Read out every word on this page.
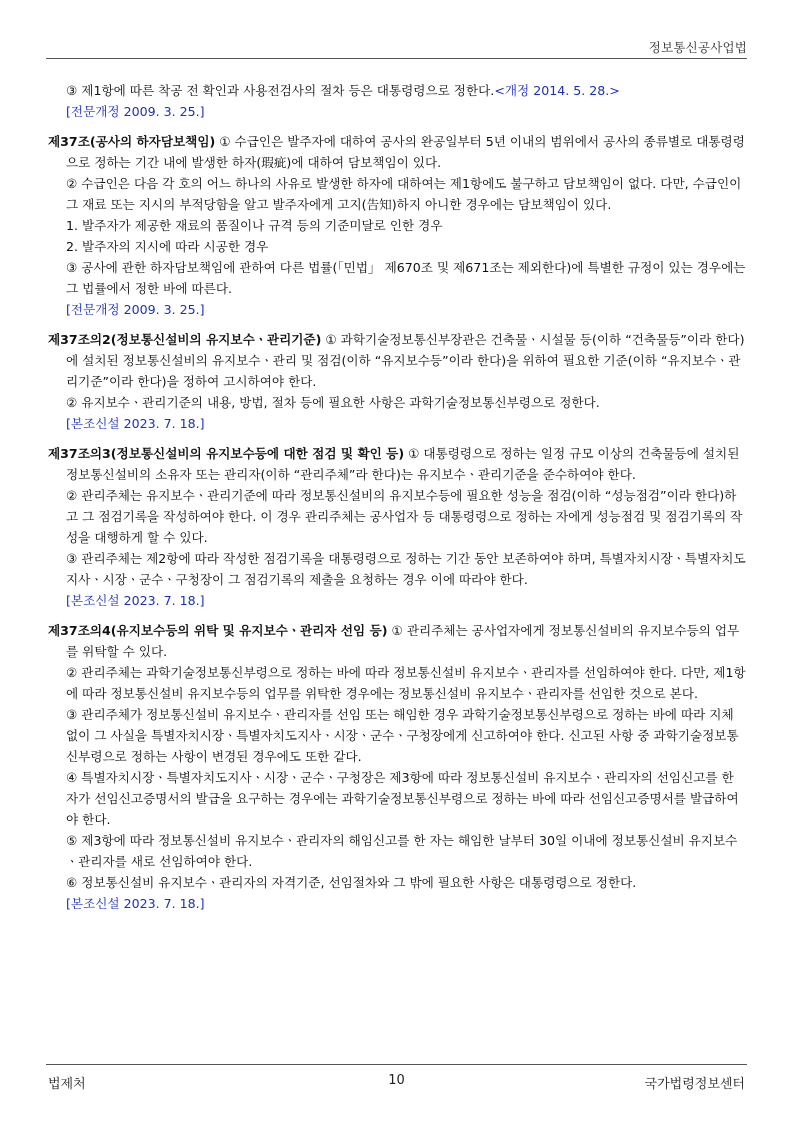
정보통신공사업법

③ 제1항에 따른 착공 전 확인과 사용전검사의 절차 등은 대통령령으로 정한다.<개정 2014. 5. 28.>

[전문개정 2009. 3. 25.]

제37조(공사의 하자담보책임) ① 수급인은 발주자에 대하여 공사의 완공일부터 5년 이내의 범위에서 공사의 종류별로 대통령령으로 정하는 기간 내에 발생한 하자(瑕疵)에 대하여 담보책임이 있다.

② 수급인은 다음 각 호의 어느 하나의 사유로 발생한 하자에 대하여는 제1항에도 불구하고 담보책임이 없다. 다만, 수급인이 그 재료 또는 지시의 부적당함을 알고 발주자에게 고지(告知)하지 아니한 경우에는 담보책임이 있다.

1. 발주자가 제공한 재료의 품질이나 규격 등의 기준미달로 인한 경우

2. 발주자의 지시에 따라 시공한 경우

③ 공사에 관한 하자담보책임에 관하여 다른 법률(「민법」 제670조 및 제671조는 제외한다)에 특별한 규정이 있는 경우에는 그 법률에서 정한 바에 따른다.

[전문개정 2009. 3. 25.]

제37조의2(정보통신설비의 유지보수ㆍ관리기준) ① 과학기술정보통신부장관은 건축물ㆍ시설물 등(이하 “건축물등”이라 한다)에 설치된 정보통신설비의 유지보수ㆍ관리 및 점검(이하 “유지보수등”이라 한다)을 위하여 필요한 기준(이하 “유지보수ㆍ관리기준”이라 한다)을 정하여 고시하여야 한다.

② 유지보수ㆍ관리기준의 내용, 방법, 절차 등에 필요한 사항은 과학기술정보통신부령으로 정한다.

[본조신설 2023. 7. 18.]

제37조의3(정보통신설비의 유지보수등에 대한 점검 및 확인 등) ① 대통령령으로 정하는 일정 규모 이상의 건축물등에 설치된 정보통신설비의 소유자 또는 관리자(이하 “관리주체”라 한다)는 유지보수ㆍ관리기준을 준수하여야 한다.

② 관리주체는 유지보수ㆍ관리기준에 따라 정보통신설비의 유지보수등에 필요한 성능을 점검(이하 “성능점검”이라 한다)하고 그 점검기록을 작성하여야 한다. 이 경우 관리주체는 공사업자 등 대통령령으로 정하는 자에게 성능점검 및 점검기록의 작성을 대행하게 할 수 있다.

③ 관리주체는 제2항에 따라 작성한 점검기록을 대통령령으로 정하는 기간 동안 보존하여야 하며, 특별자치시장ㆍ특별자치도지사ㆍ시장ㆍ군수ㆍ구청장이 그 점검기록의 제출을 요청하는 경우 이에 따라야 한다.

[본조신설 2023. 7. 18.]

제37조의4(유지보수등의 위탁 및 유지보수ㆍ관리자 선임 등) ① 관리주체는 공사업자에게 정보통신설비의 유지보수등의 업무를 위탁할 수 있다.

② 관리주체는 과학기술정보통신부령으로 정하는 바에 따라 정보통신설비 유지보수ㆍ관리자를 선임하여야 한다. 다만, 제1항에 따라 정보통신설비 유지보수등의 업무를 위탁한 경우에는 정보통신설비 유지보수ㆍ관리자를 선임한 것으로 본다.

③ 관리주체가 정보통신설비 유지보수ㆍ관리자를 선임 또는 해임한 경우 과학기술정보통신부령으로 정하는 바에 따라 지체 없이 그 사실을 특별자치시장ㆍ특별자치도지사ㆍ시장ㆍ군수ㆍ구청장에게 신고하여야 한다. 신고된 사항 중 과학기술정보통신부령으로 정하는 사항이 변경된 경우에도 또한 같다.

④ 특별자치시장ㆍ특별자치도지사ㆍ시장ㆍ군수ㆍ구청장은 제3항에 따라 정보통신설비 유지보수ㆍ관리자의 선임신고를 한 자가 선임신고증명서의 발급을 요구하는 경우에는 과학기술정보통신부령으로 정하는 바에 따라 선임신고증명서를 발급하여야 한다.

⑤ 제3항에 따라 정보통신설비 유지보수ㆍ관리자의 해임신고를 한 자는 해임한 날부터 30일 이내에 정보통신설비 유지보수ㆍ관리자를 새로 선임하여야 한다.

⑥ 정보통신설비 유지보수ㆍ관리자의 자격기준, 선임절차와 그 밖에 필요한 사항은 대통령령으로 정한다.

[본조신설 2023. 7. 18.]

법제처	10	국가법령정보센터
